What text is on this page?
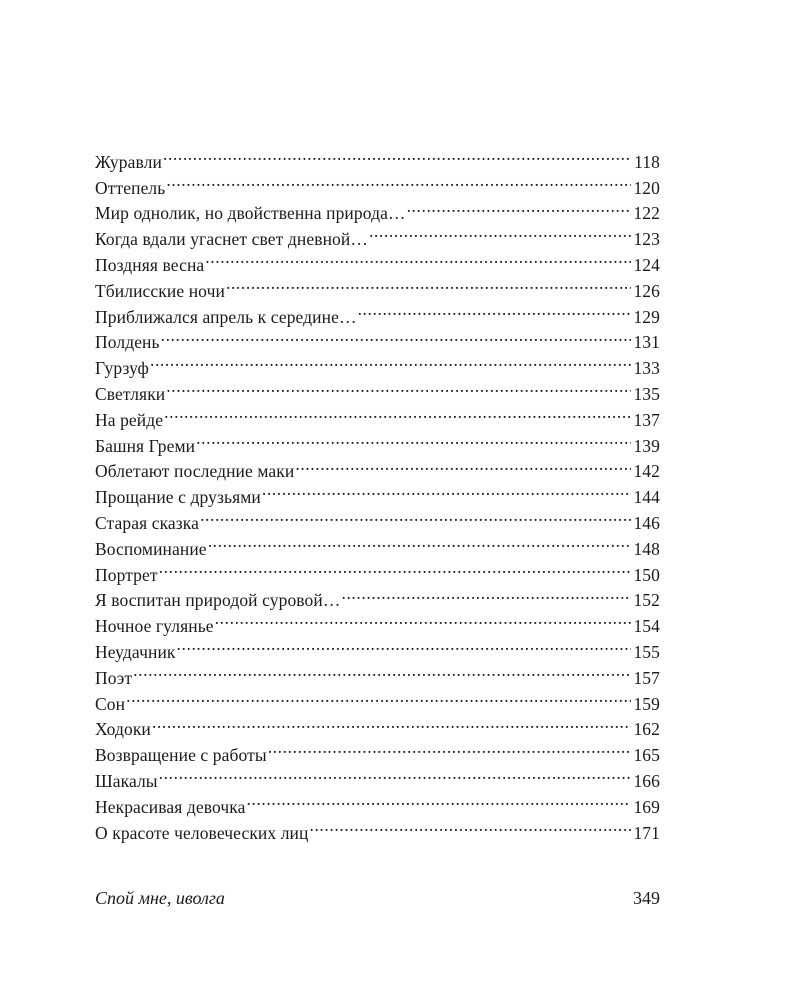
Журавли .....	118
Оттепель .....	120
Мир однолик, но двойственна природа… .....	122
Когда вдали угаснет свет дневной… .....	123
Поздняя весна .....	124
Тбилисские ночи .....	126
Приближался апрель к середине… .....	129
Полдень .....	131
Гурзуф .....	133
Светляки .....	135
На рейде .....	137
Башня Греми .....	139
Облетают последние маки .....	142
Прощание с друзьями .....	144
Старая сказка .....	146
Воспоминание .....	148
Портрет .....	150
Я воспитан природой суровой… .....	152
Ночное гулянье .....	154
Неудачник .....	155
Поэт .....	157
Сон .....	159
Ходоки .....	162
Возвращение с работы .....	165
Шакалы .....	166
Некрасивая девочка .....	169
О красоте человеческих лиц .....	171
Спой мне, иволга	349
